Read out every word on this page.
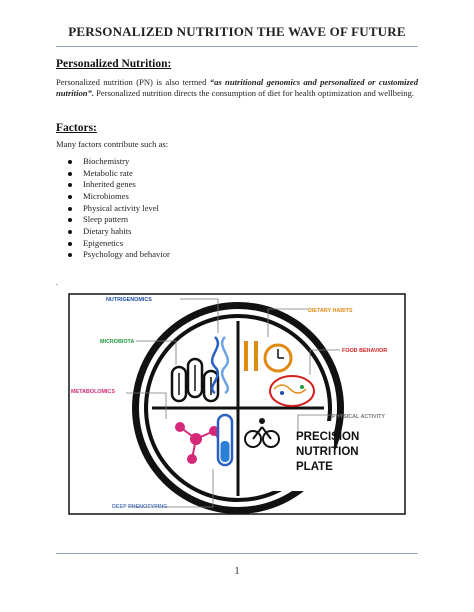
PERSONALIZED NUTRITION THE WAVE OF FUTURE
Personalized Nutrition:
Personalized nutrition (PN) is also termed “as nutritional genomics and personalized or customized nutrition”. Personalized nutrition directs the consumption of diet for health optimization and wellbeing.
Factors:
Many factors contribute such as:
Biochemistry
Metabolic rate
Inherited genes
Microbiomes
Physical activity level
Sleep pattern
Dietary habits
Epigenetics
Psychology and behavior
.
PRECISION
NUTRITION
PLATE
NUTRIGENOMICS
MICROBIOTA
METABOLOMICS
DEEP PHENOTYPING
DIETARY HABITS
FOOD BEHAVIOR
PHYSICAL ACTIVITY
1
